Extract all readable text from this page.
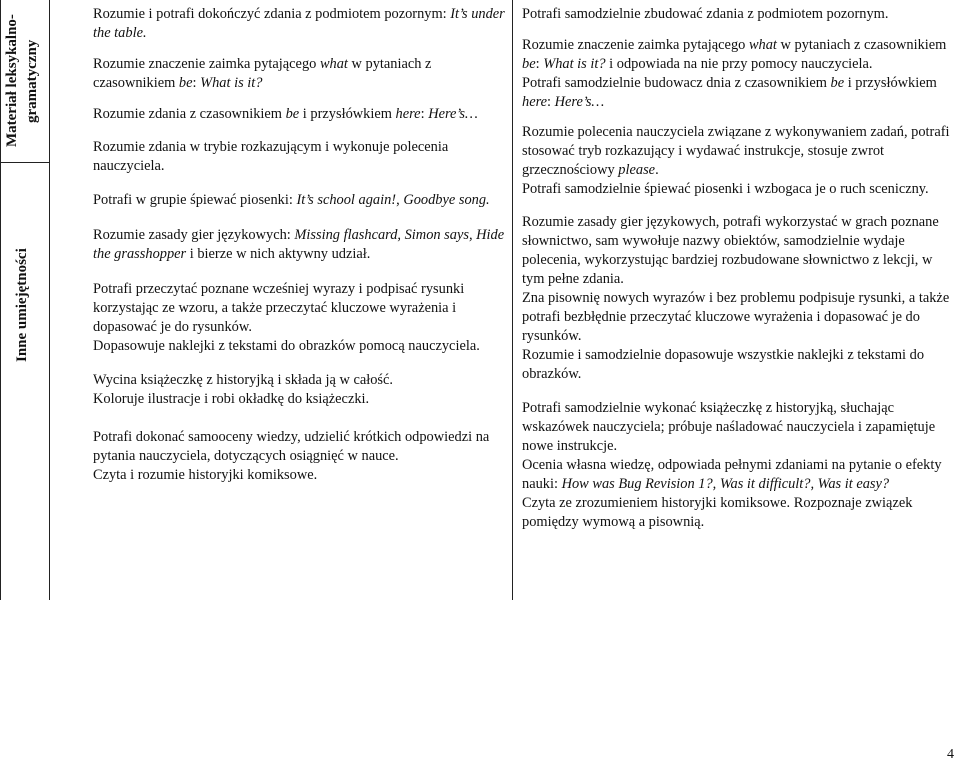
Materiał leksykalno- gramatyczny
Inne umiejętności

Rozumie i potrafi dokończyć zdania z podmiotem pozornym: It’s under the table.

Rozumie znaczenie zaimka pytającego what w pytaniach z czasownikiem be: What is it?

Rozumie zdania z czasownikiem be i przysłówkiem here: Here’s…

Rozumie zdania w trybie rozkazującym i wykonuje polecenia nauczyciela.

Potrafi w grupie śpiewać piosenki: It’s school again!, Goodbye song.

Rozumie zasady gier językowych: Missing flashcard, Simon says, Hide the grasshopper i bierze w nich aktywny udział.

Potrafi przeczytać poznane wcześniej wyrazy i podpisać rysunki korzystając ze wzoru, a także przeczytać kluczowe wyrażenia i dopasować je do rysunków.

Dopasowuje naklejki z tekstami do obrazków pomocą nauczyciela.

Wycina książeczkę z historyjką i składa ją w całość.

Koloruje ilustracje i robi okładkę do książeczki.

Potrafi dokonać samooceny wiedzy, udzielić krótkich odpowiedzi na pytania nauczyciela, dotyczących osiągnięć w nauce.

Czyta i rozumie historyjki komiksowe.

Potrafi samodzielnie zbudować zdania z podmiotem pozornym.

Rozumie znaczenie zaimka pytającego what w pytaniach z czasownikiem be: What is it? i odpowiada na nie przy pomocy nauczyciela.

Potrafi samodzielnie budowacz dnia z czasownikiem be i przysłówkiem here: Here’s…

Rozumie polecenia nauczyciela związane z wykonywaniem zadań, potrafi stosować tryb rozkazujący i wydawać instrukcje, stosuje zwrot grzecznościowy please.

Potrafi samodzielnie śpiewać piosenki i wzbogaca je o ruch sceniczny.

Rozumie zasady gier językowych, potrafi wykorzystać w grach poznane słownictwo, sam wywołuje nazwy obiektów, samodzielnie wydaje polecenia, wykorzystując bardziej rozbudowane słownictwo z lekcji, w tym pełne zdania.

Zna pisownię nowych wyrazów i bez problemu podpisuje rysunki, a także potrafi bezbłędnie przeczytać kluczowe wyrażenia i dopasować je do rysunków.

Rozumie i samodzielnie dopasowuje wszystkie naklejki z tekstami do obrazków.

Potrafi samodzielnie wykonać książeczkę z historyjką, słuchając wskazówek nauczyciela; próbuje naśladować nauczyciela i zapamiętuje nowe instrukcje.

Ocenia własna wiedzę, odpowiada pełnymi zdaniami na pytanie o efekty nauki: How was Bug Revision 1?, Was it difficult?, Was it easy?

Czyta ze zrozumieniem historyjki komiksowe. Rozpoznaje związek pomiędzy wymową a pisownią.

4
